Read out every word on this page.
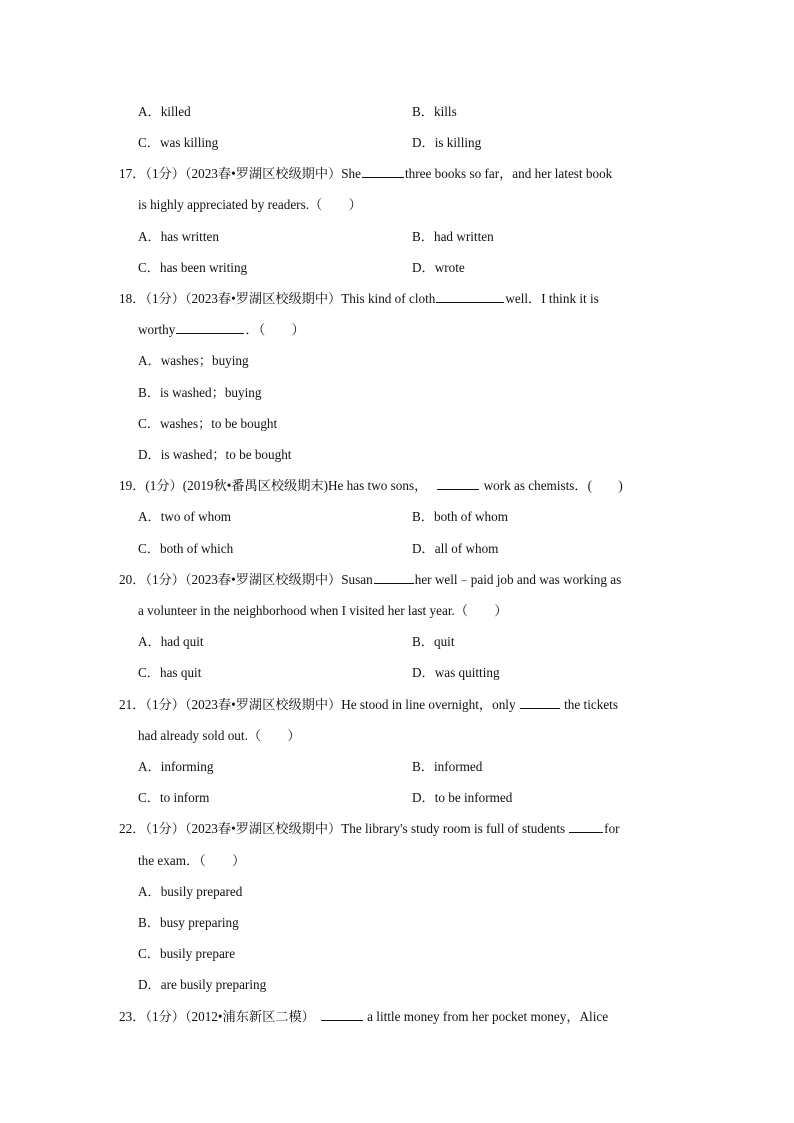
A．killed	B．kills
C．was killing	D．is killing
17．（1分）（2023春•罗湖区校级期中）She	three books so far，and her latest book
is highly appreciated by readers.（　　）
A．has written	B．had written
C．has been writing	D．wrote
18．（1分）（2023春•罗湖区校级期中）This kind of cloth	well．I think it is
worthy	．（　　）
A．washes；buying
B．is washed；buying
C．washes；to be bought
D．is washed；to be bought
19．(1分）(2019秋•番禺区校级期末)He has two sons，	work as chemists．(　　)
A．two of whom	B．both of whom
C．both of which	D．all of whom
20．（1分）（2023春•罗湖区校级期中）Susan	her well﹣paid job and was working as
a volunteer in the neighborhood when I visited her last year.（　　）
A．had quit	B．quit
C．has quit	D．was quitting
21．（1分）（2023春•罗湖区校级期中）He stood in line overnight，only	the tickets
had already sold out.（　　）
A．informing	B．informed
C．to inform	D．to be informed
22．（1分）（2023春•罗湖区校级期中）The library's study room is full of students	for
the exam．（　　）
A．busily prepared
B．busy preparing
C．busily prepare
D．are busily preparing
23．（1分）（2012•浦东新区二模）	a little money from her pocket money，Alice
